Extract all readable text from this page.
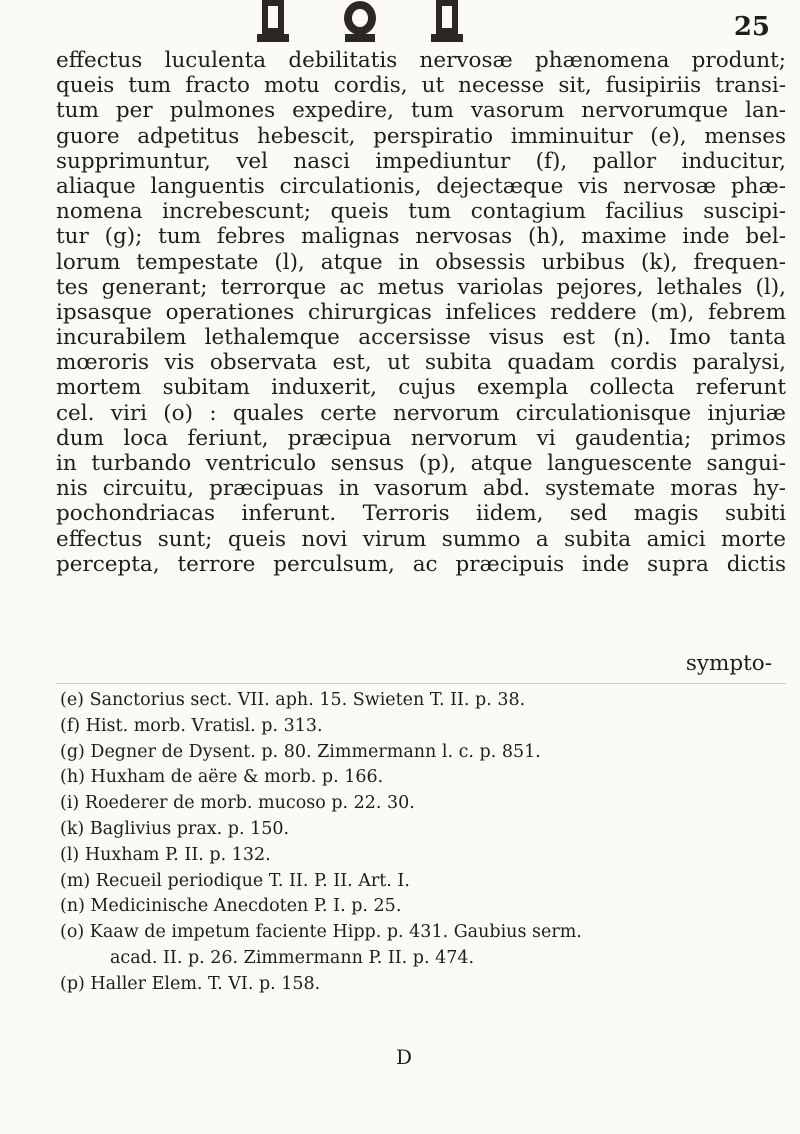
25
effectus luculenta debilitatis nervosæ phænomena produnt;
queis tum fracto motu cordis, ut necesse sit, fusipiriis transi-
tum per pulmones expedire, tum vasorum nervorumque lan-
guore adpetitus hebescit, perspiratio imminuitur (e), menses
supprimuntur, vel nasci impediuntur (f), pallor inducitur,
aliaque languentis circulationis, dejectæque vis nervosæ phæ-
nomena increbescunt; queis tum contagium facilius suscipi-
tur (g); tum febres malignas nervosas (h), maxime inde bel-
lorum tempestate (l), atque in obsessis urbibus (k), frequen-
tes generant; terrorque ac metus variolas pejores, lethales (l),
ipsasque operationes chirurgicas infelices reddere (m), febrem
incurabilem lethalemque accersisse visus est (n). Imo tanta
mœroris vis observata est, ut subita quadam cordis paralysi,
mortem subitam induxerit, cujus exempla collecta referunt
cel. viri (o) : quales certe nervorum circulationisque injuriæ
dum loca feriunt, præcipua nervorum vi gaudentia; primos
in turbando ventriculo sensus (p), atque languescente sangui-
nis circuitu, præcipuas in vasorum abd. systemate moras hy-
pochondriacas inferunt. Terroris iidem, sed magis subiti
effectus sunt; queis novi virum summo a subita amici morte
percepta, terrore perculsum, ac præcipuis inde supra dictis
sympto-
(e) Sanctorius sect. VII. aph. 15. Swieten T. II. p. 38.
(f) Hist. morb. Vratisl. p. 313.
(g) Degner de Dysent. p. 80. Zimmermann l. c. p. 851.
(h) Huxham de aëre & morb. p. 166.
(i) Roederer de morb. mucoso p. 22. 30.
(k) Baglivius prax. p. 150.
(l) Huxham P. II. p. 132.
(m) Recueil periodique T. II. P. II. Art. I.
(n) Medicinische Anecdoten P. I. p. 25.
(o) Kaaw de impetum faciente Hipp. p. 431. Gaubius serm.
acad. II. p. 26. Zimmermann P. II. p. 474.
(p) Haller Elem. T. VI. p. 158.
D
